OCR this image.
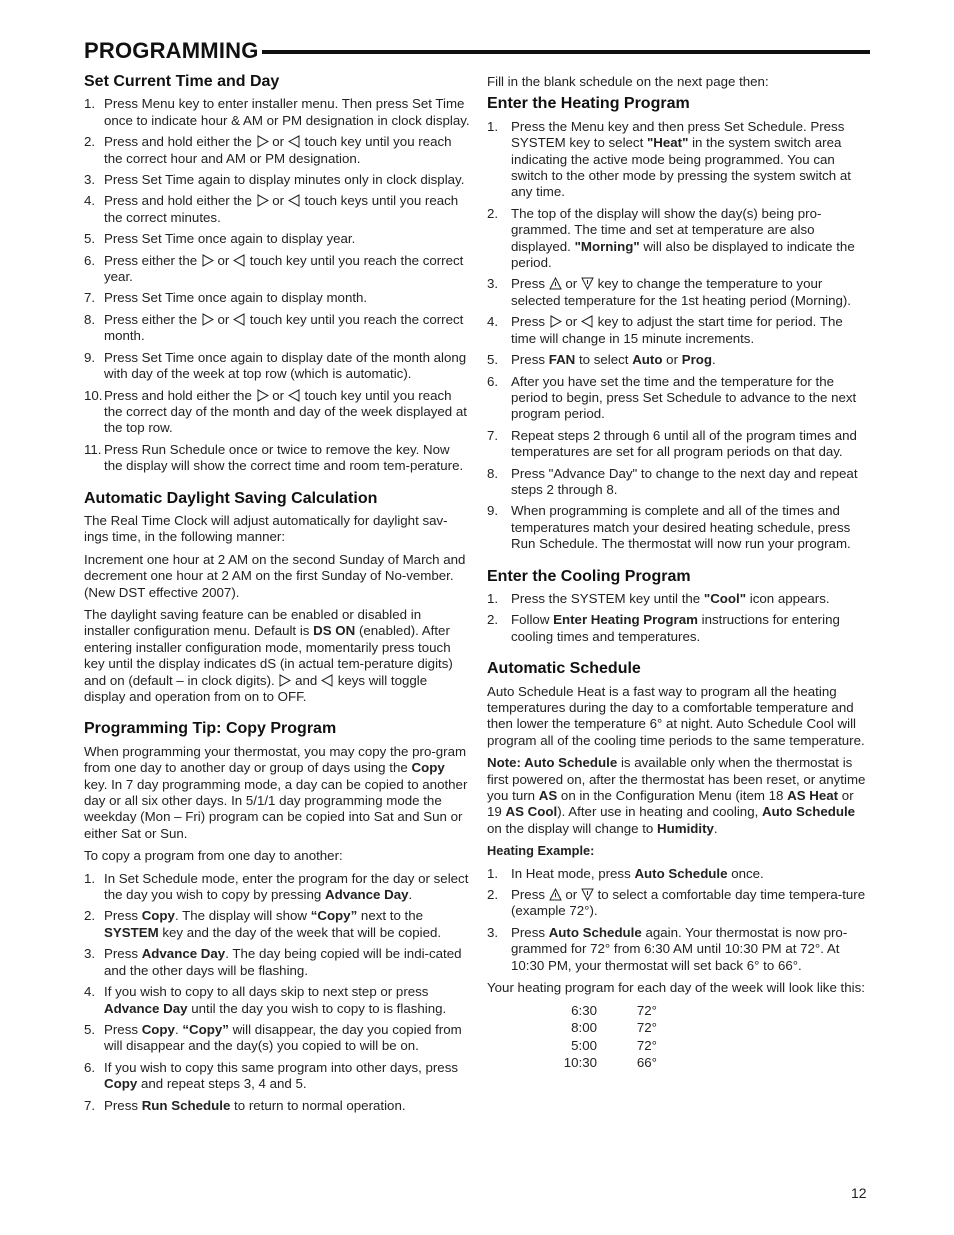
PROGRAMMING
Set Current Time and Day
1. Press Menu key to enter installer menu. Then press Set Time once to indicate hour & AM or PM designation in clock display.
2. Press and hold either the  or  touch key until you reach the correct hour and AM or PM designation.
3. Press Set Time again to display minutes only in clock display.
4. Press and hold either the  or  touch keys until you reach the correct minutes.
5. Press Set Time once again to display year.
6. Press either the  or  touch key until you reach the correct year.
7. Press Set Time once again to display month.
8. Press either the  or  touch key until you reach the correct month.
9. Press Set Time once again to display date of the month along with day of the week at top row (which is automatic).
10. Press and hold either the  or  touch key until you reach the correct day of the month and day of the week displayed at the top row.
11. Press Run Schedule once or twice to remove the key. Now the display will show the correct time and room tem-perature.
Automatic Daylight Saving Calculation

The Real Time Clock will adjust automatically for daylight sav-ings time, in the following manner:

Increment one hour at 2 AM on the second Sunday of March and decrement one hour at 2 AM on the first Sunday of No-vember. (New DST effective 2007).

The daylight saving feature can be enabled or disabled in installer configuration menu. Default is DS ON (enabled). After entering installer configuration mode, momentarily press touch key until the display indicates dS (in actual tem-perature digits) and on (default – in clock digits). and keys will toggle display and operation from on to OFF.

Programming Tip: Copy Program

When programming your thermostat, you may copy the pro-gram from one day to another day or group of days using the Copy key. In 7 day programming mode, a day can be copied to another day or all six other days. In 5/1/1 day programming mode the weekday (Mon – Fri) program can be copied into Sat and Sun or either Sat or Sun.

To copy a program from one day to another:

1. In Set Schedule mode, enter the program for the day or select the day you wish to copy by pressing Advance Day.
2. Press Copy. The display will show “Copy” next to the SYSTEM key and the day of the week that will be copied.
3. Press Advance Day. The day being copied will be indi-cated and the other days will be flashing.
4. If you wish to copy to all days skip to next step or press Advance Day until the day you wish to copy to is flashing.
5. Press Copy. “Copy” will disappear, the day you copied from will disappear and the day(s) you copied to will be on.
6. If you wish to copy this same program into other days, press Copy and repeat steps 3, 4 and 5.
7. Press Run Schedule to return to normal operation.

Fill in the blank schedule on the next page then:

Enter the Heating Program
1. Press the Menu key and then press Set Schedule. Press SYSTEM key to select "Heat" in the system switch area indicating the active mode being programmed. You can switch to the other mode by pressing the system switch at any time.
2. The top of the display will show the day(s) being pro-grammed. The time and set at temperature are also displayed. "Morning" will also be displayed to indicate the period.
3. Press  or  key to change the temperature to your selected temperature for the 1st heating period (Morning).
4. Press  or  key to adjust the start time for period. The time will change in 15 minute increments.
5. Press FAN to select Auto or Prog.
6. After you have set the time and the temperature for the period to begin, press Set Schedule to advance to the next program period.
7. Repeat steps 2 through 6 until all of the program times and temperatures are set for all program periods on that day.
8. Press "Advance Day" to change to the next day and repeat steps 2 through 8.
9. When programming is complete and all of the times and temperatures match your desired heating schedule, press Run Schedule. The thermostat will now run your program.
Enter the Cooling Program
1. Press the SYSTEM key until the "Cool" icon appears.
2. Follow Enter Heating Program instructions for entering cooling times and temperatures.
Automatic Schedule

Auto Schedule Heat is a fast way to program all the heating temperatures during the day to a comfortable temperature and then lower the temperature 6° at night. Auto Schedule Cool will program all of the cooling time periods to the same temperature.

Note: Auto Schedule is available only when the thermostat is first powered on, after the thermostat has been reset, or anytime you turn AS on in the Configuration Menu (item 18 AS Heat or 19 AS Cool). After use in heating and cooling, Auto Schedule on the display will change to Humidity.

Heating Example:
1. In Heat mode, press Auto Schedule once.
2. Press  or  to select a comfortable day time tempera-ture (example 72°).
3. Press Auto Schedule again. Your thermostat is now pro-grammed for 72° from 6:30 AM until 10:30 PM at 72°. At 10:30 PM, your thermostat will set back 6° to 66°.

Your heating program for each day of the week will look like this:

6:30	72°
8:00	72°
5:00	72°
10:30	66°
12
